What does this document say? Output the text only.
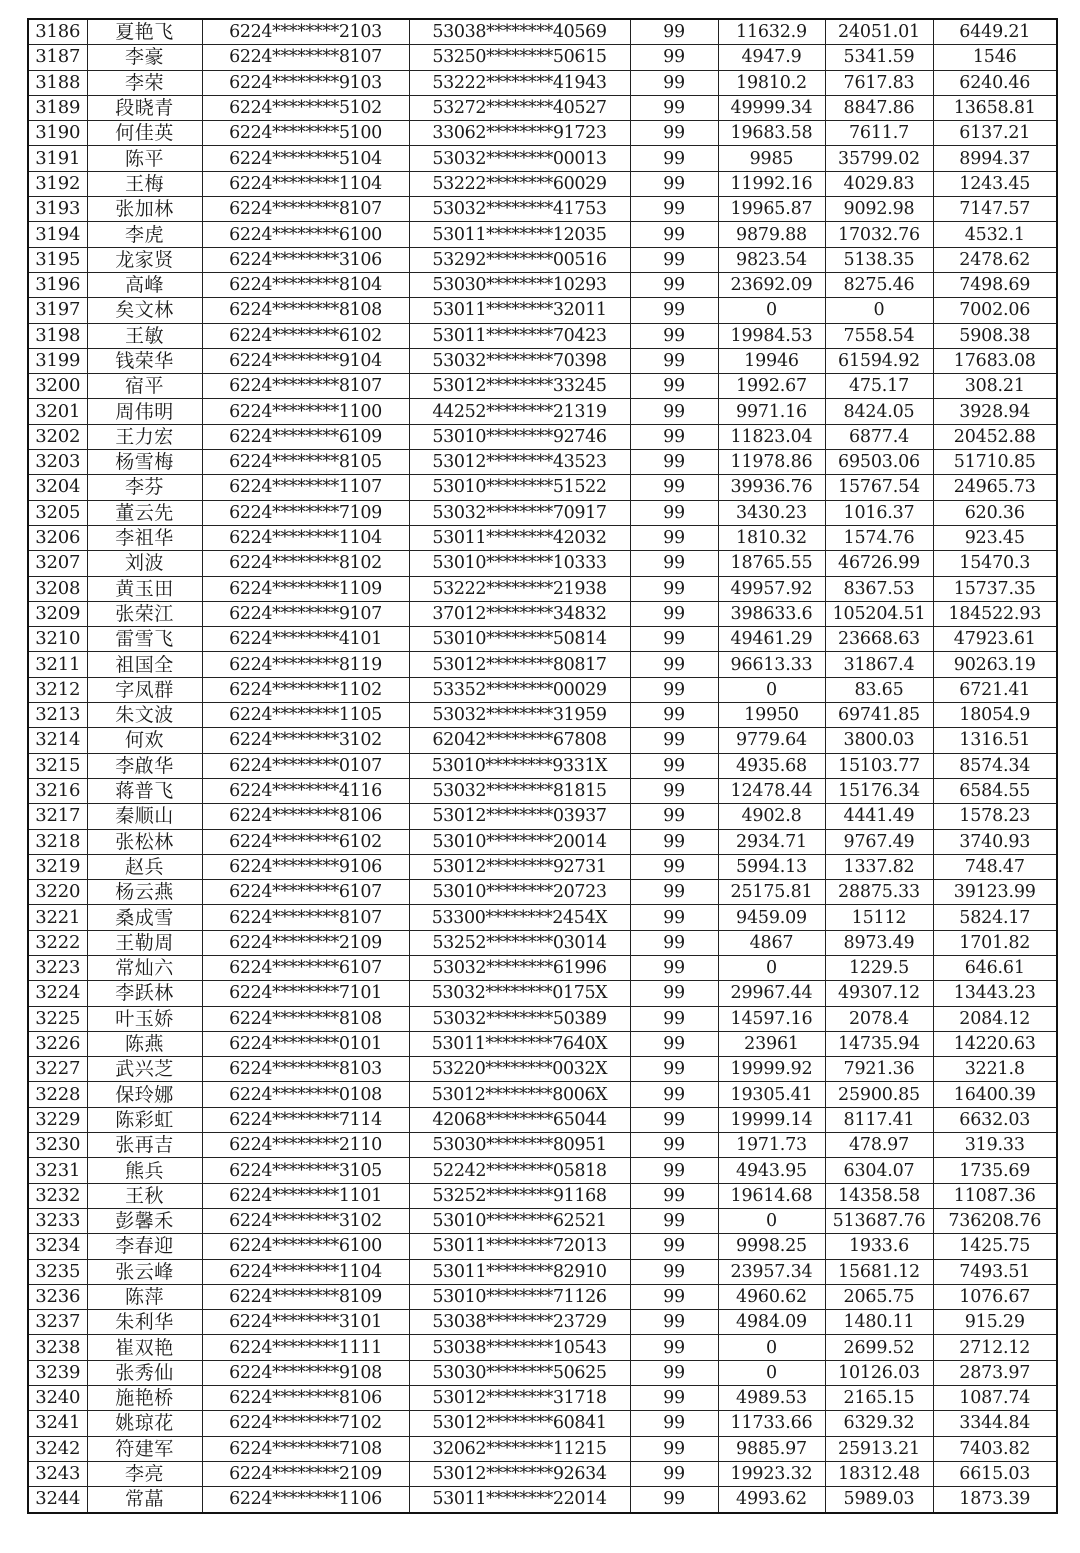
3186	夏艳飞	6224********2103	53038********40569	99	11632.9	24051.01	6449.21
3187	李豪	6224********8107	53250********50615	99	4947.9	5341.59	1546
3188	李荣	6224********9103	53222********41943	99	19810.2	7617.83	6240.46
3189	段晓青	6224********5102	53272********40527	99	49999.34	8847.86	13658.81
3190	何佳英	6224********5100	33062********91723	99	19683.58	7611.7	6137.21
3191	陈平	6224********5104	53032********00013	99	9985	35799.02	8994.37
3192	王梅	6224********1104	53222********60029	99	11992.16	4029.83	1243.45
3193	张加林	6224********8107	53032********41753	99	19965.87	9092.98	7147.57
3194	李虎	6224********6100	53011********12035	99	9879.88	17032.76	4532.1
3195	龙家贤	6224********3106	53292********00516	99	9823.54	5138.35	2478.62
3196	高峰	6224********8104	53030********10293	99	23692.09	8275.46	7498.69
3197	矣文林	6224********8108	53011********32011	99	0	0	7002.06
3198	王敏	6224********6102	53011********70423	99	19984.53	7558.54	5908.38
3199	钱荣华	6224********9104	53032********70398	99	19946	61594.92	17683.08
3200	宿平	6224********8107	53012********33245	99	1992.67	475.17	308.21
3201	周伟明	6224********1100	44252********21319	99	9971.16	8424.05	3928.94
3202	王力宏	6224********6109	53010********92746	99	11823.04	6877.4	20452.88
3203	杨雪梅	6224********8105	53012********43523	99	11978.86	69503.06	51710.85
3204	李芬	6224********1107	53010********51522	99	39936.76	15767.54	24965.73
3205	董云先	6224********7109	53032********70917	99	3430.23	1016.37	620.36
3206	李祖华	6224********1104	53011********42032	99	1810.32	1574.76	923.45
3207	刘波	6224********8102	53010********10333	99	18765.55	46726.99	15470.3
3208	黄玉田	6224********1109	53222********21938	99	49957.92	8367.53	15737.35
3209	张荣江	6224********9107	37012********34832	99	398633.6	105204.51	184522.93
3210	雷雪飞	6224********4101	53010********50814	99	49461.29	23668.63	47923.61
3211	祖国全	6224********8119	53012********80817	99	96613.33	31867.4	90263.19
3212	字凤群	6224********1102	53352********00029	99	0	83.65	6721.41
3213	朱文波	6224********1105	53032********31959	99	19950	69741.85	18054.9
3214	何欢	6224********3102	62042********67808	99	9779.64	3800.03	1316.51
3215	李啟华	6224********0107	53010********9331X	99	4935.68	15103.77	8574.34
3216	蒋普飞	6224********4116	53032********81815	99	12478.44	15176.34	6584.55
3217	秦顺山	6224********8106	53012********03937	99	4902.8	4441.49	1578.23
3218	张松林	6224********6102	53010********20014	99	2934.71	9767.49	3740.93
3219	赵兵	6224********9106	53012********92731	99	5994.13	1337.82	748.47
3220	杨云燕	6224********6107	53010********20723	99	25175.81	28875.33	39123.99
3221	桑成雪	6224********8107	53300********2454X	99	9459.09	15112	5824.17
3222	王勒周	6224********2109	53252********03014	99	4867	8973.49	1701.82
3223	常灿六	6224********6107	53032********61996	99	0	1229.5	646.61
3224	李跃林	6224********7101	53032********0175X	99	29967.44	49307.12	13443.23
3225	叶玉娇	6224********8108	53032********50389	99	14597.16	2078.4	2084.12
3226	陈燕	6224********0101	53011********7640X	99	23961	14735.94	14220.63
3227	武兴芝	6224********8103	53220********0032X	99	19999.92	7921.36	3221.8
3228	保玲娜	6224********0108	53012********8006X	99	19305.41	25900.85	16400.39
3229	陈彩虹	6224********7114	42068********65044	99	19999.14	8117.41	6632.03
3230	张再吉	6224********2110	53030********80951	99	1971.73	478.97	319.33
3231	熊兵	6224********3105	52242********05818	99	4943.95	6304.07	1735.69
3232	王秋	6224********1101	53252********91168	99	19614.68	14358.58	11087.36
3233	彭馨禾	6224********3102	53010********62521	99	0	513687.76	736208.76
3234	李春迎	6224********6100	53011********72013	99	9998.25	1933.6	1425.75
3235	张云峰	6224********1104	53011********82910	99	23957.34	15681.12	7493.51
3236	陈萍	6224********8109	53010********71126	99	4960.62	2065.75	1076.67
3237	朱利华	6224********3101	53038********23729	99	4984.09	1480.11	915.29
3238	崔双艳	6224********1111	53038********10543	99	0	2699.52	2712.12
3239	张秀仙	6224********9108	53030********50625	99	0	10126.03	2873.97
3240	施艳桥	6224********8106	53012********31718	99	4989.53	2165.15	1087.74
3241	姚琼花	6224********7102	53012********60841	99	11733.66	6329.32	3344.84
3242	符建军	6224********7108	32062********11215	99	9885.97	25913.21	7403.82
3243	李亮	6224********2109	53012********92634	99	19923.32	18312.48	6615.03
3244	常蕌	6224********1106	53011********22014	99	4993.62	5989.03	1873.39
